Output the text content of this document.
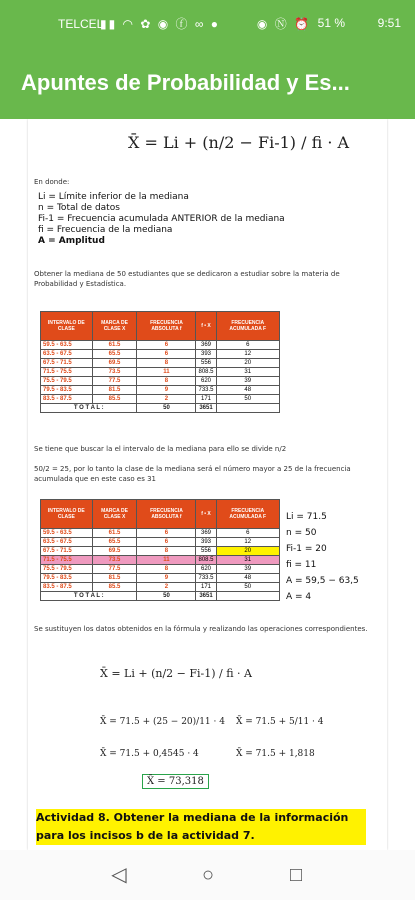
TELCEL
▮▮ ◠ ✿ ◉ ⓕ ∞ ●	◉ Ⓝ ⏰ 51 %	9:51
Apuntes de Probabilidad y Es...
X̄ = Li + (n/2 − Fi-1) / fi · A
En donde:
Li = Límite inferior de la mediana
n = Total de datos
Fi-1 = Frecuencia acumulada ANTERIOR de la mediana
fi = Frecuencia de la mediana
A = Amplitud
Obtener la mediana de 50 estudiantes que se dedicaron a estudiar sobre la materia de Probabilidad y Estadística.
INTERVALO DE CLASE	MARCA DE CLASE X	FRECUENCIA ABSOLUTA f	f • X	FRECUENCIA ACUMULADA F
59.5 - 63.5	61.5	6	369	6
63.5 - 67.5	65.5	6	393	12
67.5 - 71.5	69.5	8	556	20
71.5 - 75.5	73.5	11	808.5	31
75.5 - 79.5	77.5	8	620	39
79.5 - 83.5	81.5	9	733.5	48
83.5 - 87.5	85.5	2	171	50
T O T A L :		50	3651	
Se tiene que buscar la el intervalo de la mediana para ello se divide n/2
50/2 = 25, por lo tanto la clase de la mediana será el número mayor a 25 de la frecuencia acumulada que en este caso es 31
INTERVALO DE CLASE	MARCA DE CLASE X	FRECUENCIA ABSOLUTA f	f • X	FRECUENCIA ACUMULADA F
59.5 - 63.5	61.5	6	369	6
63.5 - 67.5	65.5	6	393	12
67.5 - 71.5	69.5	8	556	20
71.5 - 75.5	73.5	11	808.5	31
75.5 - 79.5	77.5	8	620	39
79.5 - 83.5	81.5	9	733.5	48
83.5 - 87.5	85.5	2	171	50
T O T A L :		50	3651	
Li = 71.5
n = 50
Fi-1 = 20
fi = 11
A = 59,5 − 63,5
A = 4
Se sustituyen los datos obtenidos en la fórmula y realizando las operaciones correspondientes.
X̄ = Li + (n/2 − Fi-1) / fi · A
X̄ = 71.5 + (25 − 20)/11 · 4 X̄ = 71.5 + 5/11 · 4
X̄ = 71.5 + 0,4545 · 4	X̄ = 71.5 + 1,818
X̄ = 73,318
Actividad 8. Obtener la mediana de la información para los incisos b de la actividad 7.
◁	○	□
